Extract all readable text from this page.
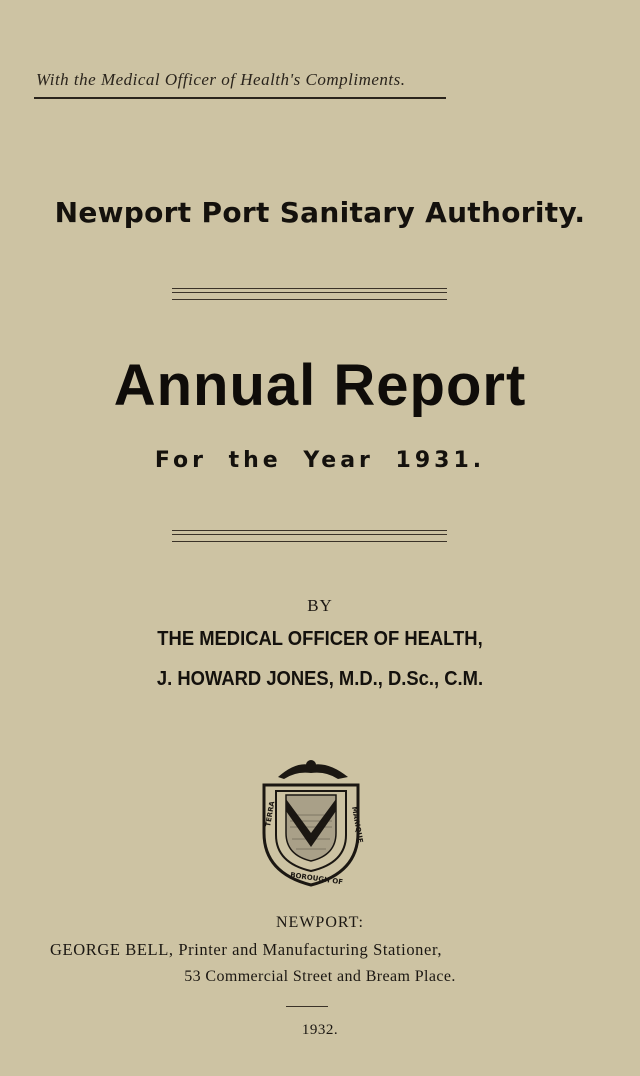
With the Medical Officer of Health's Compliments.
Newport Port Sanitary Authority.
Annual Report
For the Year 1931.
BY
THE MEDICAL OFFICER OF HEALTH,
J. HOWARD JONES, M.D., D.Sc., C.M.
TERRA	MARIQUE
BOROUGH OF
NEWPORT:
GEORGE BELL, Printer and Manufacturing Stationer,
53 Commercial Street and Bream Place.
1932.
